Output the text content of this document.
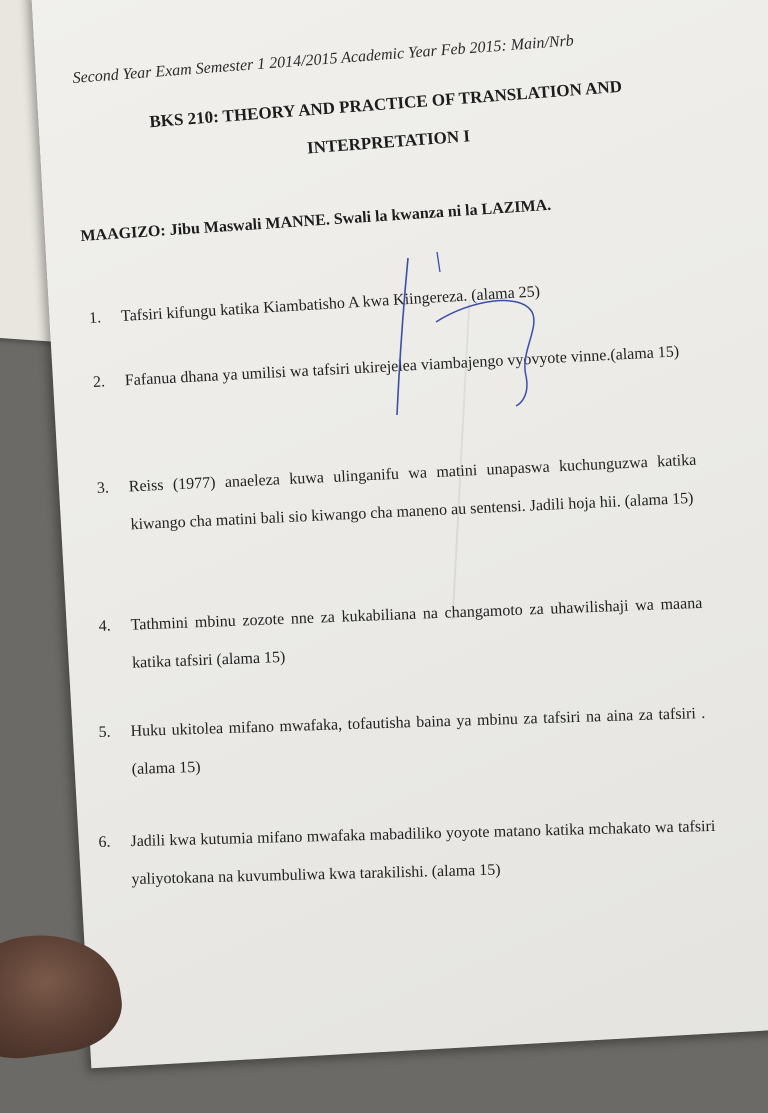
Second Year Exam Semester 1 2014/2015 Academic Year Feb 2015: Main/Nrb
BKS 210: THEORY AND PRACTICE OF TRANSLATION AND
INTERPRETATION I
MAAGIZO: Jibu Maswali MANNE. Swali la kwanza ni la LAZIMA.
1. Tafsiri kifungu katika Kiambatisho A kwa Kiingereza. (alama 25)
2. Fafanua dhana ya umilisi wa tafsiri ukirejelea viambajengo vyovyote vinne.(alama 15)
3. Reiss (1977) anaeleza kuwa ulinganifu wa matini unapaswa kuchunguzwa katika kiwango cha matini bali sio kiwango cha maneno au sentensi. Jadili hoja hii. (alama 15)
4. Tathmini mbinu zozote nne za kukabiliana na changamoto za uhawilishaji wa maana katika tafsiri (alama 15)
5. Huku ukitolea mifano mwafaka, tofautisha baina ya mbinu za tafsiri na aina za tafsiri . (alama 15)
6. Jadili kwa kutumia mifano mwafaka mabadiliko yoyote matano katika mchakato wa tafsiri yaliyotokana na kuvumbuliwa kwa tarakilishi. (alama 15)
